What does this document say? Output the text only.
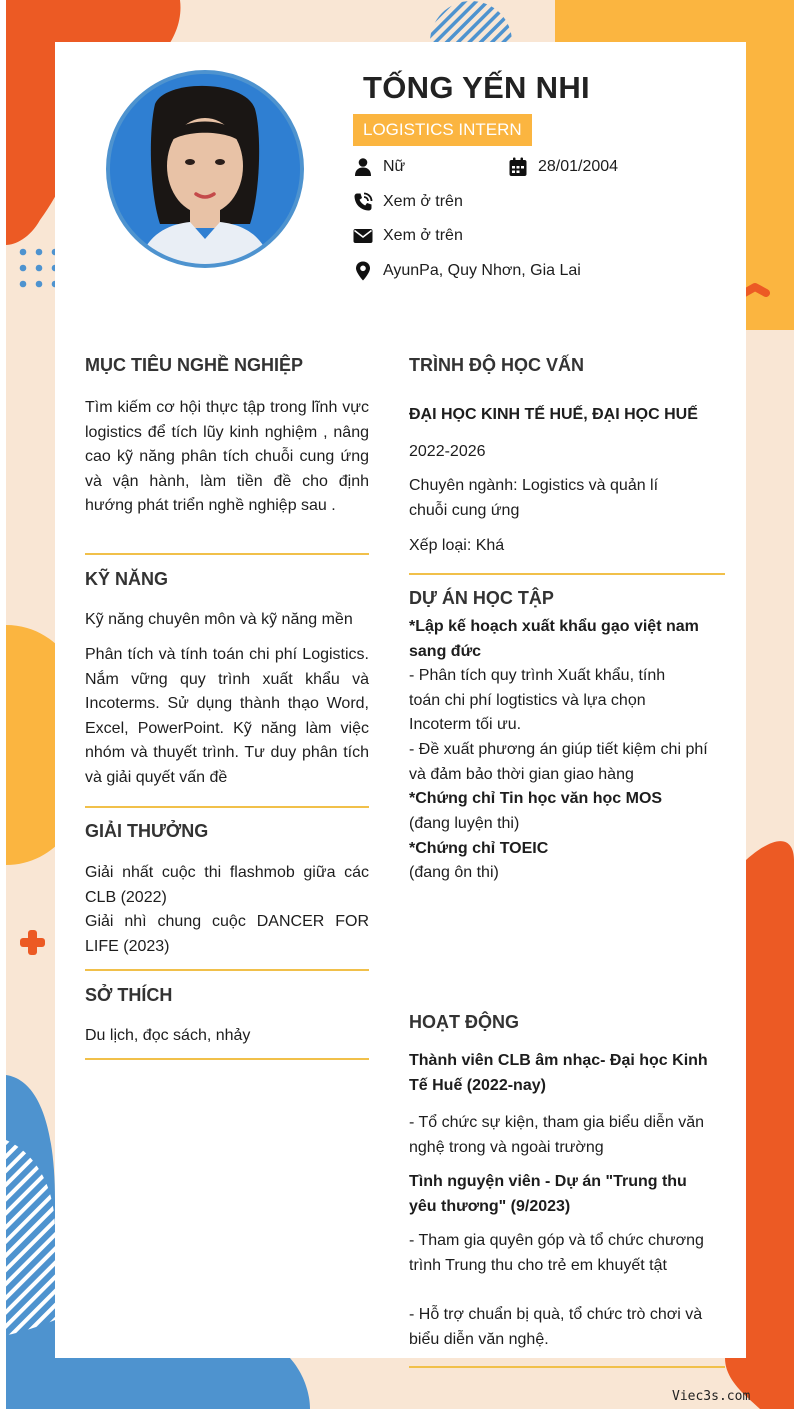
TỐNG YẾN NHI
LOGISTICS INTERN
Nữ	28/01/2004
Xem ở trên
Xem ở trên
AyunPa, Quy Nhơn, Gia Lai
MỤC TIÊU NGHỀ NGHIỆP
Tìm kiếm cơ hội thực tập trong lĩnh vực logistics để tích lũy kinh nghiệm , nâng cao kỹ năng phân tích chuỗi cung ứng và vận hành, làm tiền đề cho định hướng phát triển nghề nghiệp sau .
KỸ NĂNG
Kỹ năng chuyên môn và kỹ năng mền
Phân tích và tính toán chi phí Logistics. Nắm vững quy trình xuất khẩu và Incoterms. Sử dụng thành thạo Word, Excel, PowerPoint. Kỹ năng làm việc nhóm và thuyết trình. Tư duy phân tích và giải quyết vấn đề
GIẢI THƯỞNG
Giải nhất cuộc thi flashmob giữa các CLB (2022)
Giải nhì chung cuộc DANCER FOR LIFE (2023)
SỞ THÍCH
Du lịch, đọc sách, nhảy
TRÌNH ĐỘ HỌC VẤN
ĐẠI HỌC KINH TẾ HUẾ, ĐẠI HỌC HUẾ
2022-2026
Chuyên ngành: Logistics và quản lí chuỗi cung ứng
Xếp loại: Khá
DỰ ÁN HỌC TẬP
*Lập kế hoạch xuất khẩu gạo việt nam sang đức
- Phân tích quy trình Xuất khẩu, tính toán chi phí logtistics và lựa chọn Incoterm tối ưu.
- Đề xuất phương án giúp tiết kiệm chi phí và đảm bảo thời gian giao hàng
*Chứng chỉ Tin học văn học MOS
(đang luyện thi)
*Chứng chỉ TOEIC
(đang ôn thi)
HOẠT ĐỘNG
Thành viên CLB âm nhạc- Đại học Kinh Tế Huế (2022-nay)
- Tổ chức sự kiện, tham gia biểu diễn văn nghệ trong và ngoài trường
Tình nguyện viên - Dự án "Trung thu yêu thương" (9/2023)
- Tham gia quyên góp và tổ chức chương trình Trung thu cho trẻ em khuyết tật
- Hỗ trợ chuẩn bị quà, tổ chức trò chơi và biểu diễn văn nghệ.
Viec3s.com
